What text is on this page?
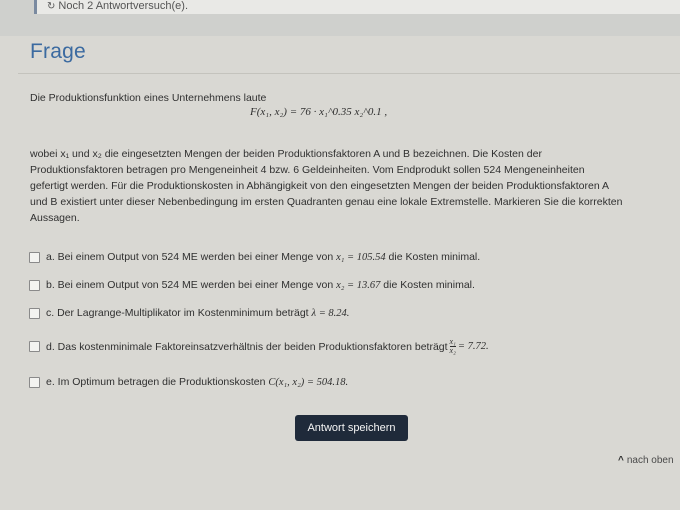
↻ Noch 2 Antwortversuch(e).
Frage
Die Produktionsfunktion eines Unternehmens laute
F(x₁, x₂) = 76 · x₁^0.35 x₂^0.1 ,
wobei x₁ und x₂ die eingesetzten Mengen der beiden Produktionsfaktoren A und B bezeichnen. Die Kosten der
Produktionsfaktoren betragen pro Mengeneinheit 4 bzw. 6 Geldeinheiten. Vom Endprodukt sollen 524 Mengeneinheiten
gefertigt werden. Für die Produktionskosten in Abhängigkeit von den eingesetzten Mengen der beiden Produktionsfaktoren A
und B existiert unter dieser Nebenbedingung im ersten Quadranten genau eine lokale Extremstelle. Markieren Sie die korrekten
Aussagen.
a. Bei einem Output von 524 ME werden bei einer Menge von
x₁ = 105.54
die Kosten minimal.
b. Bei einem Output von 524 ME werden bei einer Menge von
x₂ = 13.67
die Kosten minimal.
c. Der Lagrange-Multiplikator im Kostenminimum beträgt
λ = 8.24.
d. Das kostenminimale Faktoreinsatzverhältnis der beiden Produktionsfaktoren beträgt $\frac{\text{x₁}}{\text{x₂}} = 7.72$.
e. Im Optimum betragen die Produktionskosten
C(x₁, x₂) = 504.18.
Antwort speichern
^ nach oben
